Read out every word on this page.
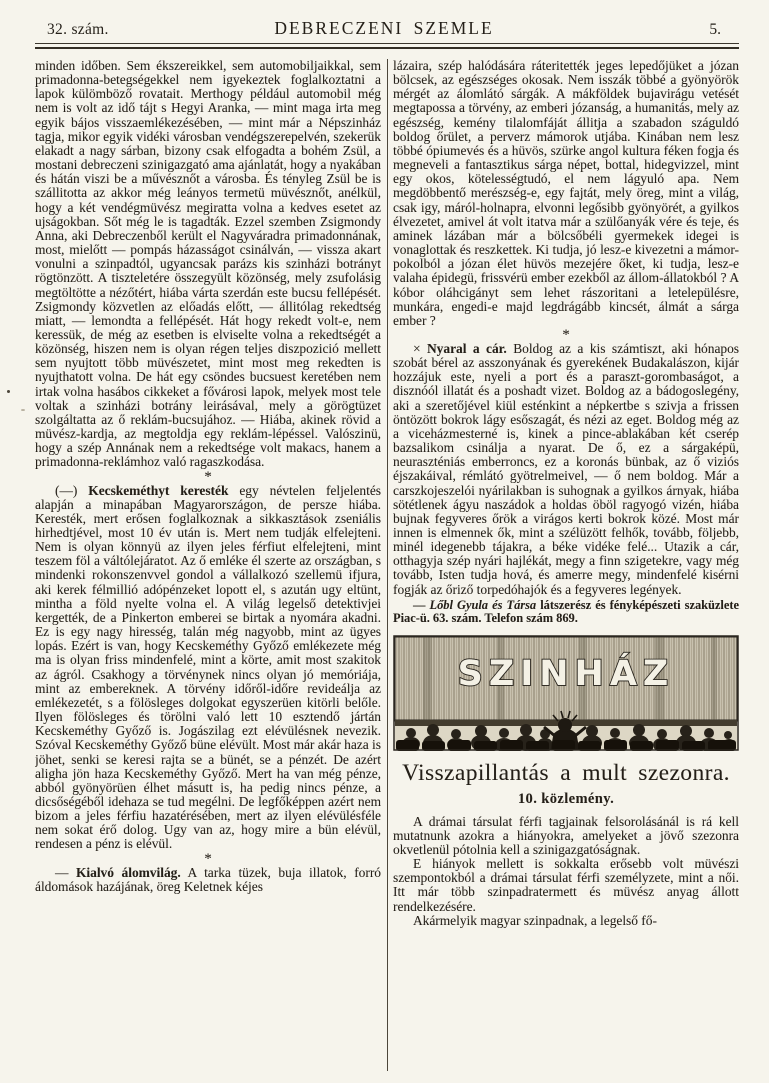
32. szám.	DEBRECZENI SZEMLE	5.

minden időben. Sem ékszereikkel, sem automobiljaikkal, sem primadonna-betegségekkel nem igyekeztek foglalkoztatni a lapok külömböző rovatait. Merthogy például automobil még nem is volt az idő tájt s Hegyi Aranka, — mint maga irta meg egyik bájos visszaemlékezésében, — mint már a Népszinház tagja, mikor egyik vidéki városban vendégszerepelvén, szekerük elakadt a nagy sárban, bizony csak elfogadta a bohém Zsül, a mostani debreczeni szinigazgató ama ajánlatát, hogy a nyakában és hátán viszi be a művésznőt a városba. És tényleg Zsül be is szállitotta az akkor még leányos termetü müvésznőt, anélkül, hogy a két vendégmüvész megiratta volna a kedves esetet az ujságokban. Sőt még le is tagadták. Ezzel szemben Zsigmondy Anna, aki Debreczenből került el Nagyváradra primadonnának, most, mielőtt — pompás házasságot csinálván, — vissza akart vonulni a szinpadtól, ugyancsak parázs kis szinházi botrányt rögtönzött. A tiszteletére összegyült közönség, mely zsufolásig megtöltötte a nézőtért, hiába várta szerdán este bucsu fellépését. Zsigmondy közvetlen az előadás előtt, — állitólag rekedtség miatt, — lemondta a fellépését. Hát hogy rekedt volt-e, nem keressük, de még az esetben is elviselte volna a rekedtségét a közönség, hiszen nem is olyan régen teljes diszpozició mellett sem nyujtott több müvészetet, mint most meg rekedten is nyujthatott volna. De hát egy csöndes bucsuest keretében nem irtak volna hasábos cikkeket a fővárosi lapok, melyek most tele voltak a szinházi botrány leirásával, mely a görögtüzet szolgáltatta az ő reklám-bucsujához. — Hiába, akinek rövid a müvész-kardja, az megtoldja egy reklám-lépéssel. Valószinü, hogy a szép Annának nem a rekedtsége volt makacs, hanem a primadonna-reklámhoz való ragaszkodása.

*

(—) Kecskeméthyt keresték egy névtelen feljelentés alapján a minapában Magyarországon, de persze hiába. Keresték, mert erősen foglalkoznak a sikkasztások zseniális hirhedtjével, most 10 év után is. Mert nem tudják elfelejteni. Nem is olyan könnyü az ilyen jeles férfiut elfelejteni, mint teszem föl a váltólejáratot. Az ő emléke él szerte az országban, s mindenki rokonszenvvel gondol a vállalkozó szellemü ifjura, aki kerek félmillió adópénzeket lopott el, s azután ugy eltünt, mintha a föld nyelte volna el. A világ legelső detektivjei kergették, de a Pinkerton emberei se birtak a nyomára akadni. Ez is egy nagy hiresség, talán még nagyobb, mint az ügyes lopás. Ezért is van, hogy Kecskeméthy Győző emlékezete még ma is olyan friss mindenfelé, mint a körte, amit most szakitok az ágról. Csakhogy a törvénynek nincs olyan jó memóriája, mint az embereknek. A törvény időről-időre revideálja az emlékezetét, s a fölösleges dolgokat egyszerüen kitörli belőle. Ilyen fölösleges és törölni való lett 10 esztendő jártán Kecskeméthy Győző is. Jogászilag ezt elévülésnek nevezik. Szóval Kecskeméthy Győző büne elévült. Most már akár haza is jöhet, senki se keresi rajta se a bünét, se a pénzét. De azért aligha jön haza Kecskeméthy Győző. Mert ha van még pénze, abból gyönyörüen élhet másutt is, ha pedig nincs pénze, a dicsőségéből idehaza se tud megélni. De legfőképpen azért nem bizom a jeles férfiu hazatérésében, mert az ilyen elévülésféle nem sokat érő dolog. Ugy van az, hogy mire a bün elévül, rendesen a pénz is elévül.

*

— Kialvó álomvilág. A tarka tüzek, buja illatok, forró áldomások hazájának, öreg Keletnek kéjes

lázaira, szép halódására ráteritették jeges lepedőjüket a józan bölcsek, az egészséges okosak. Nem isszák többé a gyönyörök mérgét az álomlátó sárgák. A mákföldek bujavirágu vetését megtapossa a törvény, az emberi józanság, a humanitás, mely az egészség, kemény tilalomfáját állitja a szabadon száguldó boldog őrület, a perverz mámorok utjába. Kinában nem lesz többé ópiumevés és a hüvös, szürke angol kultura féken fogja és megneveli a fantasztikus sárga népet, bottal, hidegvizzel, mint egy okos, kötelességtudó, el nem lágyuló apa. Nem megdöbbentő merészség-e, egy fajtát, mely öreg, mint a világ, csak igy, máról-holnapra, elvonni legősibb gyönyörét, a gyilkos élvezetet, amivel át volt itatva már a szülőanyák vére és teje, és aminek lázában már a bölcsőbéli gyermekek idegei is vonaglottak és reszkettek. Ki tudja, jó lesz-e kivezetni a mámor-pokolból a józan élet hüvös mezejére őket, ki tudja, lesz-e valaha épidegü, frissvérü ember ezekből az állom-állatokból ? A kóbor oláhcigányt sem lehet rászoritani a letelepülésre, munkára, engedi-e majd legdrágább kincsét, álmát a sárga ember ?

*

× Nyaral a cár. Boldog az a kis számtiszt, aki hónapos szobát bérel az asszonyának és gyerekének Budakalászon, kijár hozzájuk este, nyeli a port és a paraszt-gorombaságot, a disznóól illatát és a poshadt vizet. Boldog az a bádogoslegény, aki a szeretőjével kiül esténkint a népkertbe s szivja a frissen öntözött bokrok lágy esőszagát, és nézi az eget. Boldog még az a viceházmesterné is, kinek a pince-ablakában két cserép bazsalikom csinálja a nyarat. De ő, ez a sárgaképü, neuraszténiás emberroncs, ez a koronás bünbak, az ő viziós éjszakáival, rémlátó gyötrelmeivel, — ő nem boldog. Már a carszkojeszelói nyárilakban is suhognak a gyilkos árnyak, hiába sötétlenek ágyu naszádok a holdas öböl ragyogó vizén, hiába bujnak fegyveres őrök a virágos kerti bokrok közé. Most már innen is elmennek ők, mint a szélüzött felhők, tovább, följebb, minél idegenebb tájakra, a béke vidéke felé... Utazik a cár, otthagyja szép nyári hajlékát, megy a finn szigetekre, vagy még tovább, Isten tudja hová, és amerre megy, mindenfelé kisérni fogják az őriző torpedóhajók és a fegyveres legények.

— Lőbl Gyula és Társa látszerész és fényképészeti szaküzlete Piac-ü. 63. szám. Telefon szám 869.

SZINHÁZ
Visszapillantás a mult szezonra.
10. közlemény.

A drámai társulat férfi tagjainak felsorolásánál is rá kell mutatnunk azokra a hiányokra, amelyeket a jövő szezonra okvetlenül pótolnia kell a szinigazgatóságnak.

E hiányok mellett is sokkalta erősebb volt müvészi szempontokból a drámai társulat férfi személyzete, mint a női. Itt már több szinpadratermett és müvész anyag állott rendelkezésére.

Akármelyik magyar szinpadnak, a legelső fő-
